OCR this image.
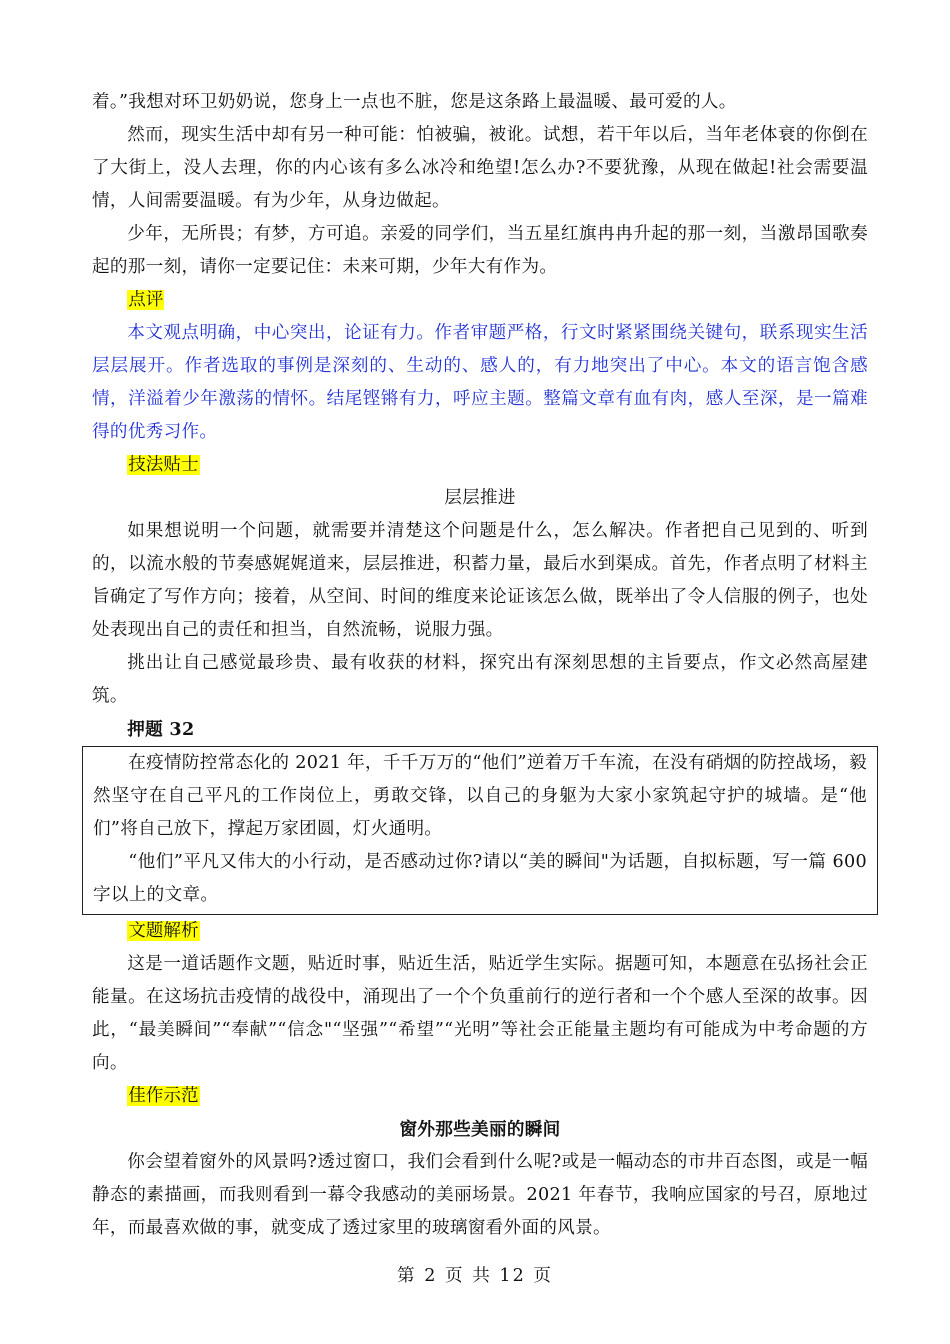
着。”我想对环卫奶奶说，您身上一点也不脏，您是这条路上最温暖、最可爱的人。

然而，现实生活中却有另一种可能：怕被骗，被讹。试想，若干年以后，当年老体衰的你倒在了大街上，没人去理，你的内心该有多么冰冷和绝望!怎么办?不要犹豫，从现在做起!社会需要温情，人间需要温暖。有为少年，从身边做起。

少年，无所畏；有梦，方可追。亲爱的同学们，当五星红旗冉冉升起的那一刻，当激昂国歌奏起的那一刻，请你一定要记住：未来可期，少年大有作为。

点评

本文观点明确，中心突出，论证有力。作者审题严格，行文时紧紧围绕关键句，联系现实生活层层展开。作者选取的事例是深刻的、生动的、感人的，有力地突出了中心。本文的语言饱含感情，洋溢着少年激荡的情怀。结尾铿锵有力，呼应主题。整篇文章有血有肉，感人至深，是一篇难得的优秀习作。

技法贴士

层层推进

如果想说明一个问题，就需要并清楚这个问题是什么，怎么解决。作者把自己见到的、听到的，以流水般的节奏感娓娓道来，层层推进，积蓄力量，最后水到渠成。首先，作者点明了材料主旨确定了写作方向；接着，从空间、时间的维度来论证该怎么做，既举出了令人信服的例子，也处处表现出自己的责任和担当，自然流畅，说服力强。

挑出让自己感觉最珍贵、最有收获的材料，探究出有深刻思想的主旨要点，作文必然高屋建筑。

押题 32

在疫情防控常态化的 2021 年，千千万万的“他们”逆着万千车流，在没有硝烟的防控战场，毅然坚守在自己平凡的工作岗位上，勇敢交锋，以自己的身躯为大家小家筑起守护的城墙。是“他们”将自己放下，撑起万家团圆，灯火通明。

“他们”平凡又伟大的小行动，是否感动过你?请以“美的瞬间"为话题，自拟标题，写一篇 600 字以上的文章。

文题解析

这是一道话题作文题，贴近时事，贴近生活，贴近学生实际。据题可知，本题意在弘扬社会正能量。在这场抗击疫情的战役中，涌现出了一个个负重前行的逆行者和一个个感人至深的故事。因此，“最美瞬间”“奉献”“信念"“坚强”“希望”“光明”等社会正能量主题均有可能成为中考命题的方向。

佳作示范

窗外那些美丽的瞬间

你会望着窗外的风景吗?透过窗口，我们会看到什么呢?或是一幅动态的市井百态图，或是一幅静态的素描画，而我则看到一幕令我感动的美丽场景。2021 年春节，我响应国家的号召，原地过年，而最喜欢做的事，就变成了透过家里的玻璃窗看外面的风景。

第 2 页 共 12 页
